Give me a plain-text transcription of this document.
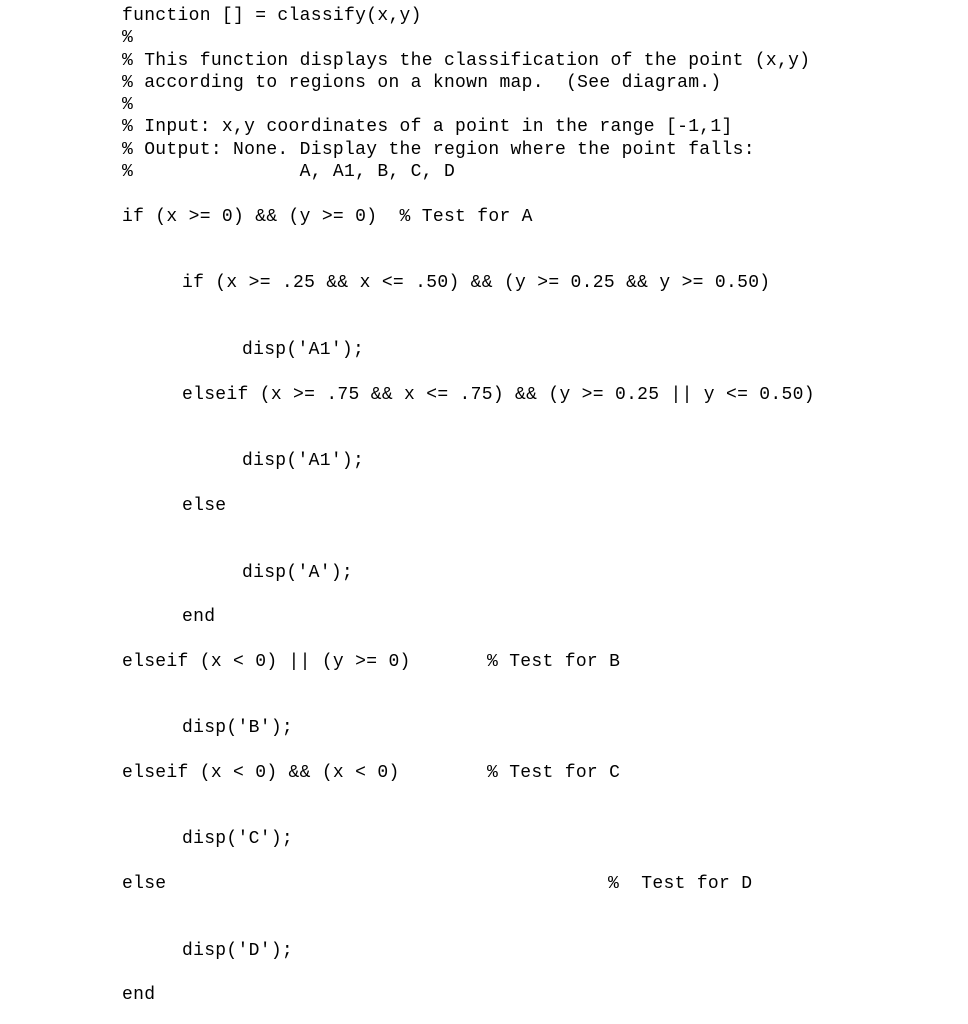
function [] = classify(x,y)
%
% This function displays the classification of the point (x,y)
% according to regions on a known map.  (See diagram.)
%
% Input: x,y coordinates of a point in the range [-1,1]
% Output: None. Display the region where the point falls:
%               A, A1, B, C, D
if (x >= 0) && (y >= 0)  % Test for A
if (x >= .25 && x <= .50) && (y >= 0.25 && y >= 0.50)
disp('A1');
elseif (x >= .75 && x <= .75) && (y >= 0.25 || y <= 0.50)
disp('A1');
else
disp('A');
end
elseif (x < 0) || (y >= 0)	% Test for B
disp('B');
elseif (x < 0) && (x < 0)	% Test for C
disp('C');
else	%  Test for D
disp('D');
end
